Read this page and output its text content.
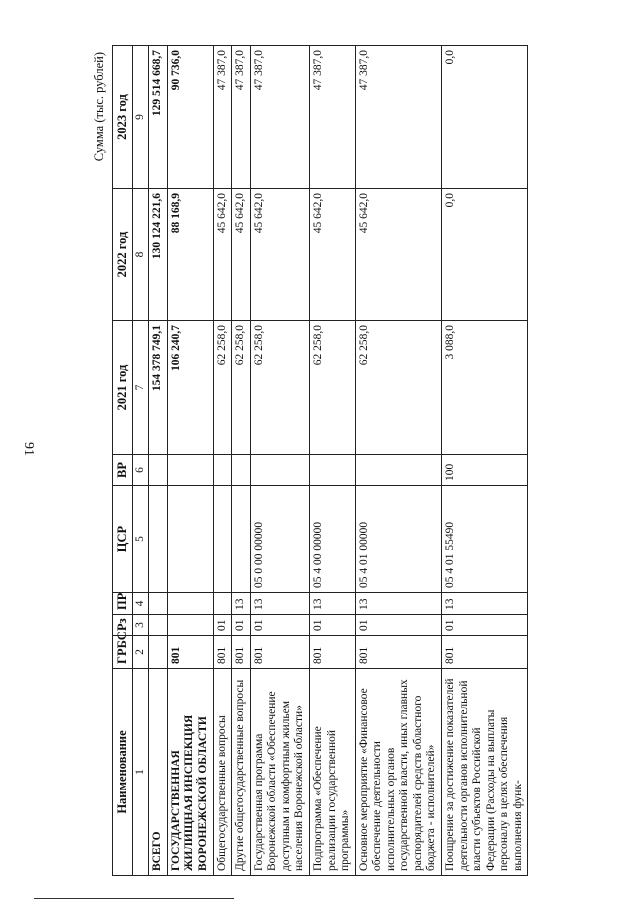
91
Сумма (тыс. рублей)
Наименование	ГРБС	Рз	ПР	ЦСР	ВР	2021 год	2022 год	2023 год
1	2	3	4	5	6	7	8	9
ВСЕГО						154 378 749,1	130 124 221,6	129 514 668,7
ГОСУДАРСТВЕННАЯ ЖИЛИЩНАЯ ИНСПЕКЦИЯ ВОРОНЕЖСКОЙ ОБЛАСТИ	801					106 240,7	88 168,9	90 736,0
Общегосударственные вопросы	801	01				62 258,0	45 642,0	47 387,0
Другие общегосударственные вопросы	801	01	13			62 258,0	45 642,0	47 387,0
Государственная программа Воронежской области «Обеспечение доступным и комфортным жильем населения Воронежской области»	801	01	13	05 0 00 00000		62 258,0	45 642,0	47 387,0
Подпрограмма «Обеспечение реализации государственной программы»	801	01	13	05 4 00 00000		62 258,0	45 642,0	47 387,0
Основное мероприятие «Финансовое обеспечение деятельности исполнительных органов государственной власти, иных главных распорядителей средств областного бюджета - исполнителей»	801	01	13	05 4 01 00000		62 258,0	45 642,0	47 387,0
Поощрение за достижение показателей деятельности органов исполнительной власти субъектов Российской Федерации (Расходы на выплаты персоналу в целях обеспечения выполнения функ-	801	01	13	05 4 01 55490	100	3 088,0	0,0	0,0
